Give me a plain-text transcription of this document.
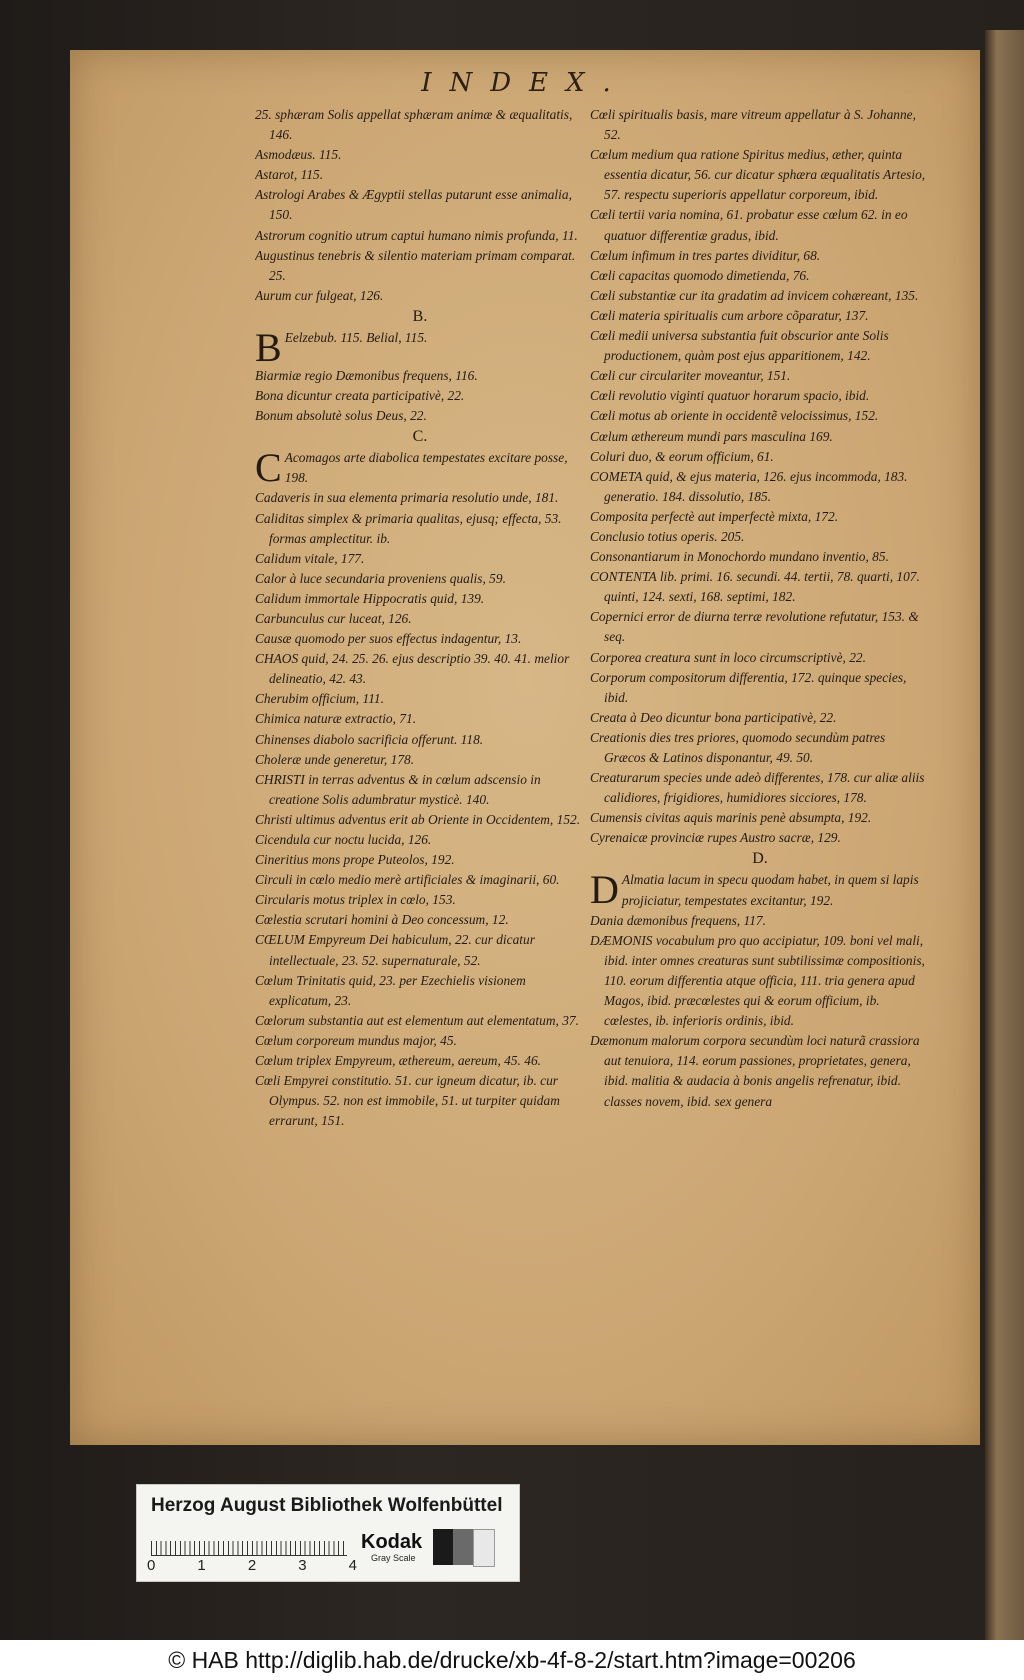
INDEX.

25. sphæram Solis appellat sphæram animæ & æqualitatis, 146.

Asmodæus. 115.

Astarot, 115.

Astrologi Arabes & Ægyptii stellas putarunt esse animalia, 150.

Astrorum cognitio utrum captui humano nimis profunda, 11.

Augustinus tenebris & silentio materiam primam comparat. 25.

Aurum cur fulgeat, 126.

B.

B Eelzebub. 115. Belial, 115.

Biarmiæ regio Dæmonibus frequens, 116.

Bona dicuntur creata participativè, 22.

Bonum absolutè solus Deus, 22.

C.

C Acomagos arte diabolica tempestates excitare posse, 198.

Cadaveris in sua elementa primaria resolutio unde, 181.

Caliditas simplex & primaria qualitas, ejusq; effecta, 53. formas amplectitur. ib.

Calidum vitale, 177.

Calor à luce secundaria proveniens qualis, 59.

Calidum immortale Hippocratis quid, 139.

Carbunculus cur luceat, 126.

Causæ quomodo per suos effectus indagentur, 13.

CHAOS quid, 24. 25. 26. ejus descriptio 39. 40. 41. melior delineatio, 42. 43.

Cherubim officium, 111.

Chimica naturæ extractio, 71.

Chinenses diabolo sacrificia offerunt. 118.

Choleræ unde generetur, 178.

CHRISTI in terras adventus & in cœlum adscensio in creatione Solis adumbratur mysticè. 140.

Christi ultimus adventus erit ab Oriente in Occidentem, 152.

Cicendula cur noctu lucida, 126.

Cineritius mons prope Puteolos, 192.

Circuli in cœlo medio merè artificiales & imaginarii, 60.

Circularis motus triplex in cœlo, 153.

Cœlestia scrutari homini à Deo concessum, 12.

CŒLUM Empyreum Dei habiculum, 22. cur dicatur intellectuale, 23. 52. supernaturale, 52.

Cœlum Trinitatis quid, 23. per Ezechielis visionem explicatum, 23.

Cœlorum substantia aut est elementum aut elementatum, 37.

Cœlum corporeum mundus major, 45.

Cœlum triplex Empyreum, æthereum, aereum, 45. 46.

Cœli Empyrei constitutio. 51. cur igneum dicatur, ib. cur Olympus. 52. non est immobile, 51. ut turpiter quidam errarunt, 151.

Cœli spiritualis basis, mare vitreum appellatur à S. Johanne, 52.

Cœlum medium qua ratione Spiritus medius, æther, quinta essentia dicatur, 56. cur dicatur sphæra æqualitatis Artesio, 57. respectu superioris appellatur corporeum, ibid.

Cœli tertii varia nomina, 61. probatur esse cœlum 62. in eo quatuor differentiæ gradus, ibid.

Cœlum infimum in tres partes dividitur, 68.

Cœli capacitas quomodo dimetienda, 76.

Cœli substantiæ cur ita gradatim ad invicem cohæreant, 135.

Cœli materia spiritualis cum arbore cõparatur, 137.

Cœli medii universa substantia fuit obscurior ante Solis productionem, quàm post ejus apparitionem, 142.

Cœli cur circulariter moveantur, 151.

Cœli revolutio viginti quatuor horarum spacio, ibid.

Cœli motus ab oriente in occidentẽ velocissimus, 152.

Cœlum æthereum mundi pars masculina 169.

Coluri duo, & eorum officium, 61.

COMETA quid, & ejus materia, 126. ejus incommoda, 183. generatio. 184. dissolutio, 185.

Composita perfectè aut imperfectè mixta, 172.

Conclusio totius operis. 205.

Consonantiarum in Monochordo mundano inventio, 85.

CONTENTA lib. primi. 16. secundi. 44. tertii, 78. quarti, 107. quinti, 124. sexti, 168. septimi, 182.

Copernici error de diurna terræ revolutione refutatur, 153. & seq.

Corporea creatura sunt in loco circumscriptivè, 22.

Corporum compositorum differentia, 172. quinque species, ibid.

Creata à Deo dicuntur bona participativè, 22.

Creationis dies tres priores, quomodo secundùm patres Græcos & Latinos disponantur, 49. 50.

Creaturarum species unde adeò differentes, 178. cur aliæ aliis calidiores, frigidiores, humidiores sicciores, 178.

Cumensis civitas aquis marinis penè absumpta, 192.

Cyrenaicæ provinciæ rupes Austro sacræ, 129.

D.

D Almatia lacum in specu quodam habet, in quem si lapis projiciatur, tempestates excitantur, 192.

Dania dæmonibus frequens, 117.

DÆMONIS vocabulum pro quo accipiatur, 109. boni vel mali, ibid. inter omnes creaturas sunt subtilissimæ compositionis, 110. eorum differentia atque officia, 111. tria genera apud Magos, ibid. præcœlestes qui & eorum officium, ib. cœlestes, ib. inferioris ordinis, ibid.

Dæmonum malorum corpora secundùm loci naturã crassiora aut tenuiora, 114. eorum passiones, proprietates, genera, ibid. malitia & audacia à bonis angelis refrenatur, ibid. classes novem, ibid. sex genera

Herzog August Bibliothek Wolfenbüttel
0	1	2	3	4
Kodak
Gray Scale
© HAB http://diglib.hab.de/drucke/xb-4f-8-2/start.htm?image=00206
